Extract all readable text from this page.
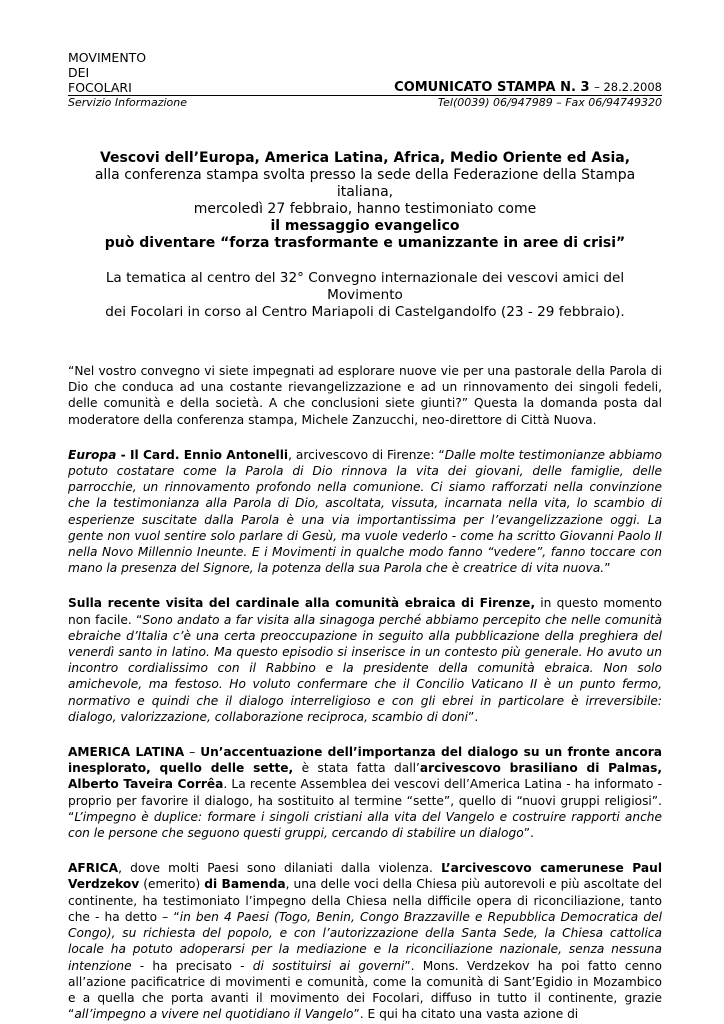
MOVIMENTO
DEI
FOCOLARI	COMUNICATO STAMPA N. 3 – 28.2.2008
Servizio Informazione	Tel(0039) 06/947989 – Fax 06/94749320
Vescovi dell’Europa, America Latina, Africa, Medio Oriente ed Asia,
alla conferenza stampa svolta presso la sede della Federazione della Stampa italiana,
mercoledì 27 febbraio, hanno testimoniato come
il messaggio evangelico
può diventare “forza trasformante e umanizzante in aree di crisi”
La tematica al centro del 32° Convegno internazionale dei vescovi amici del Movimento
dei Focolari in corso al Centro Mariapoli di Castelgandolfo (23 - 29 febbraio).

“Nel vostro convegno vi siete impegnati ad esplorare nuove vie per una pastorale della Parola di Dio che conduca ad una costante rievangelizzazione e ad un rinnovamento dei singoli fedeli, delle comunità e della società. A che conclusioni siete giunti?” Questa la domanda posta dal moderatore della conferenza stampa, Michele Zanzucchi, neo-direttore di Città Nuova.

Europa - Il Card. Ennio Antonelli, arcivescovo di Firenze: “Dalle molte testimonianze abbiamo potuto costatare come la Parola di Dio rinnova la vita dei giovani, delle famiglie, delle parrocchie, un rinnovamento profondo nella comunione. Ci siamo rafforzati nella convinzione che la testimonianza alla Parola di Dio, ascoltata, vissuta, incarnata nella vita, lo scambio di esperienze suscitate dalla Parola è una via importantissima per l’evangelizzazione oggi. La gente non vuol sentire solo parlare di Gesù, ma vuole vederlo - come ha scritto Giovanni Paolo II nella Novo Millennio Ineunte. E i Movimenti in qualche modo fanno “vedere”, fanno toccare con mano la presenza del Signore, la potenza della sua Parola che è creatrice di vita nuova.”

Sulla recente visita del cardinale alla comunità ebraica di Firenze, in questo momento non facile. “Sono andato a far visita alla sinagoga perché abbiamo percepito che nelle comunità ebraiche d’Italia c’è una certa preoccupazione in seguito alla pubblicazione della preghiera del venerdì santo in latino. Ma questo episodio si inserisce in un contesto più generale. Ho avuto un incontro cordialissimo con il Rabbino e la presidente della comunità ebraica. Non solo amichevole, ma festoso. Ho voluto confermare che il Concilio Vaticano II è un punto fermo, normativo e quindi che il dialogo interreligioso e con gli ebrei in particolare è irreversibile: dialogo, valorizzazione, collaborazione reciproca, scambio di doni”.

AMERICA LATINA – Un’accentuazione dell’importanza del dialogo su un fronte ancora inesplorato, quello delle sette, è stata fatta dall’arcivescovo brasiliano di Palmas, Alberto Taveira Corrêa. La recente Assemblea dei vescovi dell’America Latina - ha informato - proprio per favorire il dialogo, ha sostituito al termine “sette”, quello di “nuovi gruppi religiosi”. “L’impegno è duplice: formare i singoli cristiani alla vita del Vangelo e costruire rapporti anche con le persone che seguono questi gruppi, cercando di stabilire un dialogo”.

AFRICA, dove molti Paesi sono dilaniati dalla violenza. L’arcivescovo camerunese Paul Verdzekov (emerito) di Bamenda, una delle voci della Chiesa più autorevoli e più ascoltate del continente, ha testimoniato l’impegno della Chiesa nella difficile opera di riconciliazione, tanto che - ha detto – “in ben 4 Paesi (Togo, Benin, Congo Brazzaville e Repubblica Democratica del Congo), su richiesta del popolo, e con l’autorizzazione della Santa Sede, la Chiesa cattolica locale ha potuto adoperarsi per la mediazione e la riconciliazione nazionale, senza nessuna intenzione - ha precisato - di sostituirsi ai governi”. Mons. Verdzekov ha poi fatto cenno all’azione pacificatrice di movimenti e comunità, come la comunità di Sant’Egidio in Mozambico e a quella che porta avanti il movimento dei Focolari, diffuso in tutto il continente, grazie “all’impegno a vivere nel quotidiano il Vangelo”. E qui ha citato una vasta azione di
